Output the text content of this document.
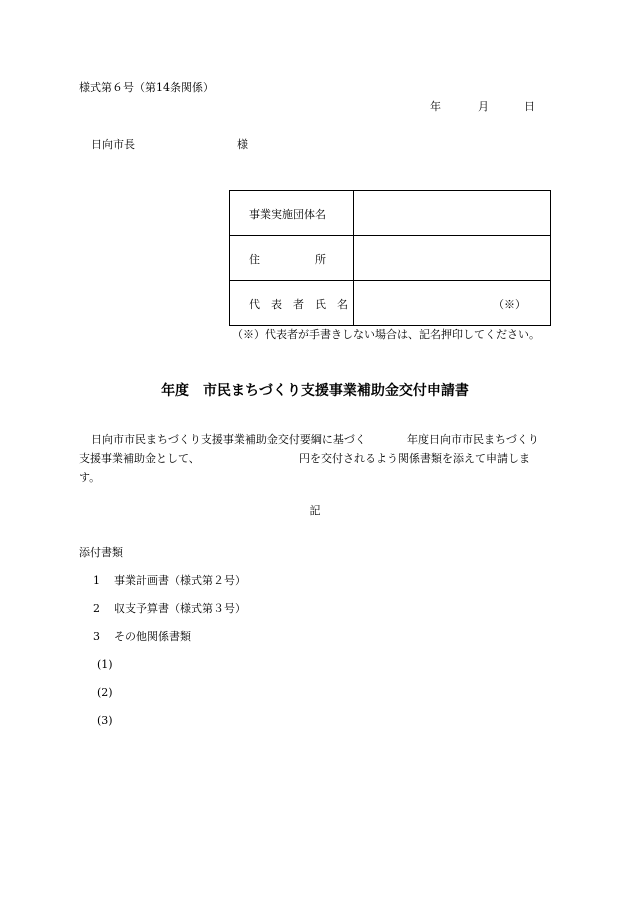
様式第６号（第14条関係）
年	月	日
日向市長	様
事業実施団体名	

住　　　　　所	

代　表　者　氏　名	（※）
（※）代表者が手書きしない場合は、記名押印してください。
年度　市民まちづくり支援事業補助金交付申請書
日向市市民まちづくり支援事業補助金交付要綱に基づく	年度日向市市民まちづくり
支援事業補助金として、	円を交付されるよう関係書類を添えて申請しま
す。
記
添付書類
1 事業計画書（様式第２号）
2 収支予算書（様式第３号）
3 その他関係書類
(1)
(2)
(3)
